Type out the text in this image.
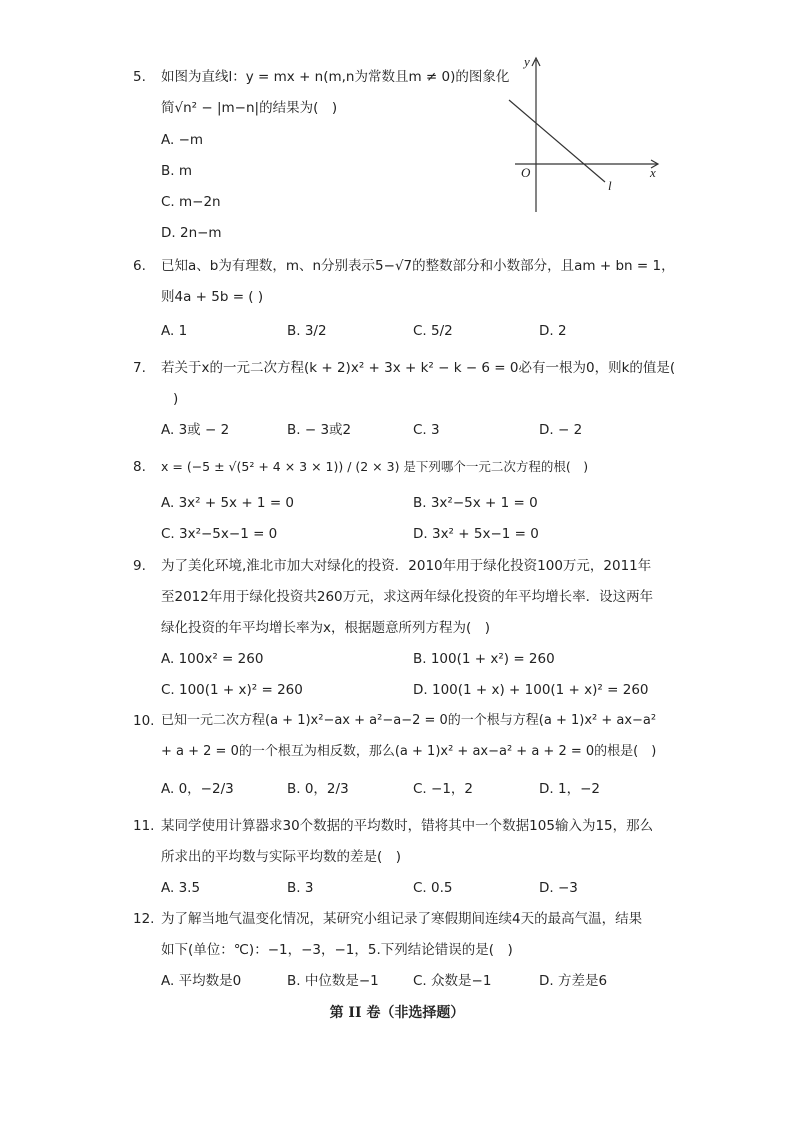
5. 如图为直线l：y = mx + n(m,n为常数且m ≠ 0)的图象化
简√n² − |m−n|的结果为(　)
A. −m
B. m
C. m−2n
D. 2n−m
y
x
O
l
6. 已知a、b为有理数，m、n分别表示5−√7的整数部分和小数部分，且am + bn = 1，
则4a + 5b = ( )
A. 1	B. 3/2	C. 5/2	D. 2
7. 若关于x的一元二次方程(k + 2)x² + 3x + k² − k − 6 = 0必有一根为0，则k的值是(
)
A. 3或 − 2	B. − 3或2	C. 3	D. − 2
8. x = (−5 ± √(5² + 4 × 3 × 1)) / (2 × 3) 是下列哪个一元二次方程的根(　)
A. 3x² + 5x + 1 = 0	B. 3x²−5x + 1 = 0
C. 3x²−5x−1 = 0	D. 3x² + 5x−1 = 0
9. 为了美化环境,淮北市加大对绿化的投资．2010年用于绿化投资100万元，2011年
至2012年用于绿化投资共260万元，求这两年绿化投资的年平均增长率．设这两年
绿化投资的年平均增长率为x，根据题意所列方程为(　)
A. 100x² = 260	B. 100(1 + x²) = 260
C. 100(1 + x)² = 260	D. 100(1 + x) + 100(1 + x)² = 260
10. 已知一元二次方程(a + 1)x²−ax + a²−a−2 = 0的一个根与方程(a + 1)x² + ax−a²
+ a + 2 = 0的一个根互为相反数，那么(a + 1)x² + ax−a² + a + 2 = 0的根是(　)
A. 0，−2/3	B. 0，2/3	C. −1，2	D. 1，−2
11. 某同学使用计算器求30个数据的平均数时，错将其中一个数据105输入为15，那么
所求出的平均数与实际平均数的差是(　)
A. 3.5	B. 3	C. 0.5	D. −3
12. 为了解当地气温变化情况，某研究小组记录了寒假期间连续4天的最高气温，结果
如下(单位：℃)：−1，−3，−1，5.下列结论错误的是(　)
A. 平均数是0	B. 中位数是−1	C. 众数是−1	D. 方差是6
第 II 卷（非选择题）
